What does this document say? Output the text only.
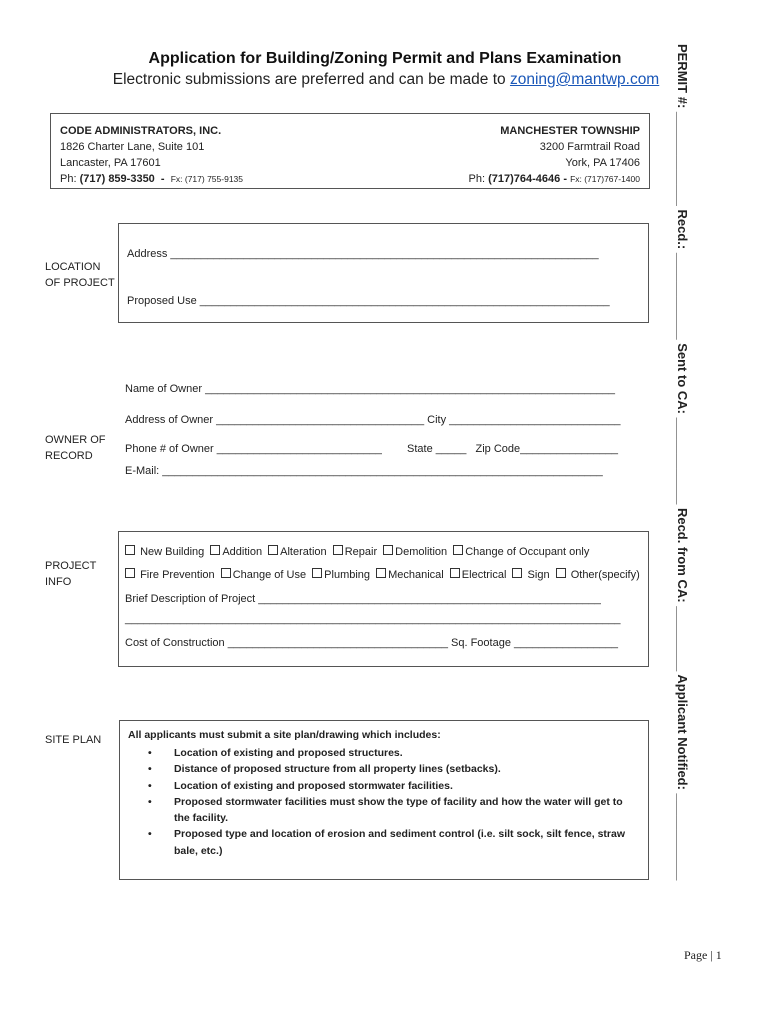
Application for Building/Zoning Permit and Plans Examination
Electronic submissions are preferred and can be made to zoning@mantwp.com
CODE ADMINISTRATORS, INC.
1826 Charter Lane, Suite 101
Lancaster, PA 17601
Ph: (717) 859-3350  -  Fx: (717) 755-9135
MANCHESTER TOWNSHIP
3200 Farmtrail Road
York, PA 17406
Ph: (717)764-4646 - Fx: (717)767-1400
LOCATION
OF PROJECT
Address ______________________________________________________________________
Proposed Use ___________________________________________________________________
OWNER OF
RECORD
Name of Owner ___________________________________________________________________
Address of Owner __________________________________ City ____________________________
Phone # of Owner ___________________________ State _____   Zip Code________________
E-Mail: ________________________________________________________________________
PROJECT
INFO
New Building Addition Alteration Repair Demolition Change of Occupant only
Fire Prevention Change of Use Plumbing Mechanical Electrical Sign Other(specify)
Brief Description of Project ________________________________________________________
_________________________________________________________________________________
Cost of Construction ____________________________________ Sq. Footage _________________
SITE PLAN	All applicants must submit a site plan/drawing which includes:
• Location of existing and proposed structures.
• Distance of proposed structure from all property lines (setbacks).
• Location of existing and proposed stormwater facilities.
• Proposed stormwater facilities must show the type of facility and how the water will get to the facility.
• Proposed type and location of erosion and sediment control (i.e. silt sock, silt fence, straw bale, etc.)	PERMIT #: _____________ Recd.: ____________ Sent to CA: ____________ Recd. from CA: _________ Applicant Notified: ____________
Page | 1
